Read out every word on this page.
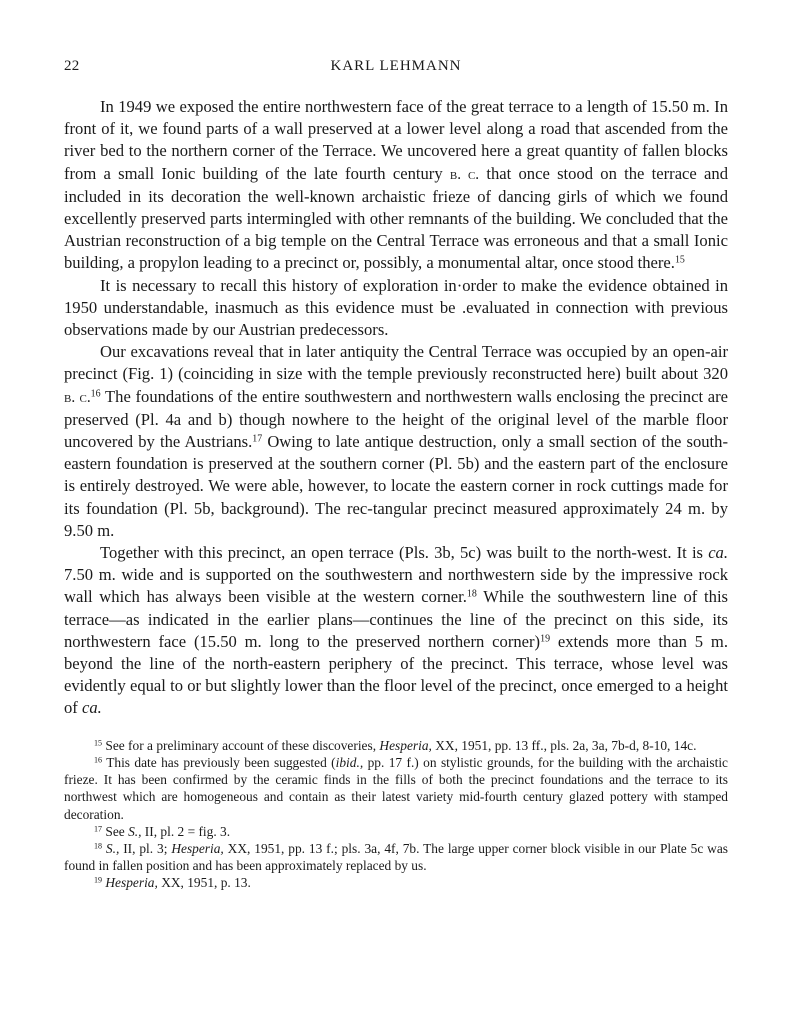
22	KARL LEHMANN

In 1949 we exposed the entire northwestern face of the great terrace to a length of 15.50 m. In front of it, we found parts of a wall preserved at a lower level along a road that ascended from the river bed to the northern corner of the Terrace. We uncovered here a great quantity of fallen blocks from a small Ionic building of the late fourth century b. c. that once stood on the terrace and included in its decoration the well-known archaistic frieze of dancing girls of which we found excellently preserved parts intermingled with other remnants of the building. We concluded that the Austrian reconstruction of a big temple on the Central Terrace was erroneous and that a small Ionic building, a propylon leading to a precinct or, possibly, a monumental altar, once stood there.$^{15}$

It is necessary to recall this history of exploration in·order to make the evidence obtained in 1950 understandable, inasmuch as this evidence must be .evaluated in connection with previous observations made by our Austrian predecessors.

Our excavations reveal that in later antiquity the Central Terrace was occupied by an open-air precinct (Fig. 1) (coinciding in size with the temple previously reconstructed here) built about 320 b. c.$^{16}$ The foundations of the entire southwestern and northwestern walls enclosing the precinct are preserved (Pl. 4a and b) though nowhere to the height of the original level of the marble floor uncovered by the Austrians.$^{17}$ Owing to late antique destruction, only a small section of the south-eastern foundation is preserved at the southern corner (Pl. 5b) and the eastern part of the enclosure is entirely destroyed. We were able, however, to locate the eastern corner in rock cuttings made for its foundation (Pl. 5b, background). The rec-tangular precinct measured approximately 24 m. by 9.50 m.

Together with this precinct, an open terrace (Pls. 3b, 5c) was built to the north-west. It is ca. 7.50 m. wide and is supported on the southwestern and northwestern side by the impressive rock wall which has always been visible at the western corner.$^{18}$ While the southwestern line of this terrace—as indicated in the earlier plans—continues the line of the precinct on this side, its northwestern face (15.50 m. long to the preserved northern corner)$^{19}$ extends more than 5 m. beyond the line of the north-eastern periphery of the precinct. This terrace, whose level was evidently equal to or but slightly lower than the floor level of the precinct, once emerged to a height of ca.

$^{15}$ See for a preliminary account of these discoveries, Hesperia, XX, 1951, pp. 13 ff., pls. 2a, 3a, 7b-d, 8-10, 14c.

$^{16}$ This date has previously been suggested (ibid., pp. 17 f.) on stylistic grounds, for the building with the archaistic frieze. It has been confirmed by the ceramic finds in the fills of both the precinct foundations and the terrace to its northwest which are homogeneous and contain as their latest variety mid-fourth century glazed pottery with stamped decoration.

$^{17}$ See S., II, pl. 2 = fig. 3.

$^{18}$ S., II, pl. 3; Hesperia, XX, 1951, pp. 13 f.; pls. 3a, 4f, 7b. The large upper corner block visible in our Plate 5c was found in fallen position and has been approximately replaced by us.

$^{19}$ Hesperia, XX, 1951, p. 13.
